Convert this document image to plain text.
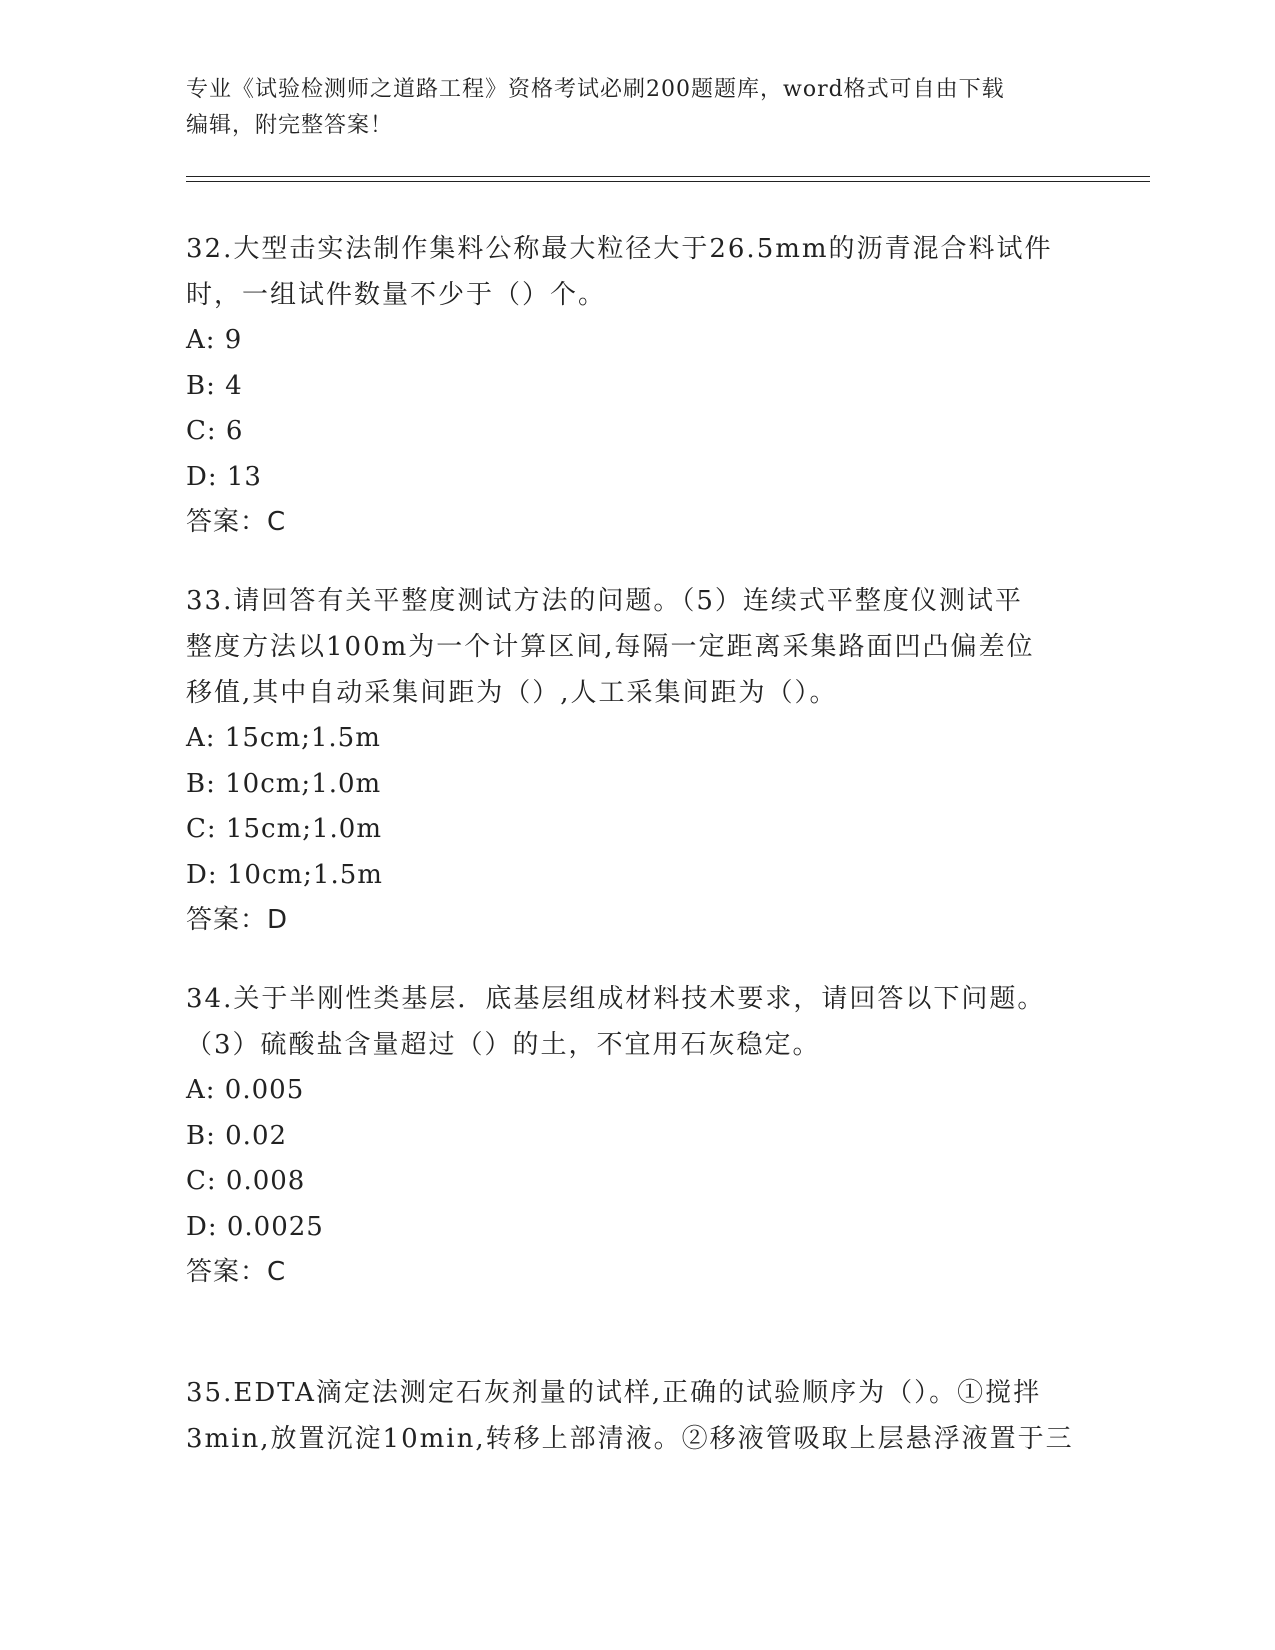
专业《试验检测师之道路工程》资格考试必刷200题题库，word格式可自由下载
编辑，附完整答案！
32.大型击实法制作集料公称最大粒径大于26.5mm的沥青混合料试件
时，一组试件数量不少于（）个。
A: 9
B: 4
C: 6
D: 13
答案：C
33.请回答有关平整度测试方法的问题。（5）连续式平整度仪测试平
整度方法以100m为一个计算区间,每隔一定距离采集路面凹凸偏差位
移值,其中自动采集间距为（）,人工采集间距为（）。
A: 15cm;1.5m
B: 10cm;1.0m
C: 15cm;1.0m
D: 10cm;1.5m
答案：D
34.关于半刚性类基层．底基层组成材料技术要求，请回答以下问题。
（3）硫酸盐含量超过（）的土，不宜用石灰稳定。
A: 0.005
B: 0.02
C: 0.008
D: 0.0025
答案：C
35.EDTA滴定法测定石灰剂量的试样,正确的试验顺序为（）。①搅拌
3min,放置沉淀10min,转移上部清液。②移液管吸取上层悬浮液置于三
